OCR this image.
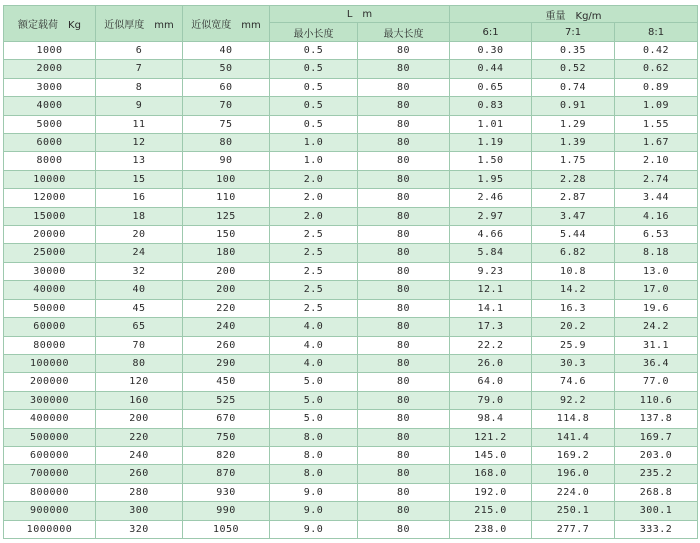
额定载荷 Kg	近似厚度 mm	近似宽度 mm	L m		重量 Kg/m		
			最小长度	最大长度	6:1	7:1	8:1
1000	6	40	0.5	80	0.30	0.35	0.42
2000	7	50	0.5	80	0.44	0.52	0.62
3000	8	60	0.5	80	0.65	0.74	0.89
4000	9	70	0.5	80	0.83	0.91	1.09
5000	11	75	0.5	80	1.01	1.29	1.55
6000	12	80	1.0	80	1.19	1.39	1.67
8000	13	90	1.0	80	1.50	1.75	2.10
10000	15	100	2.0	80	1.95	2.28	2.74
12000	16	110	2.0	80	2.46	2.87	3.44
15000	18	125	2.0	80	2.97	3.47	4.16
20000	20	150	2.5	80	4.66	5.44	6.53
25000	24	180	2.5	80	5.84	6.82	8.18
30000	32	200	2.5	80	9.23	10.8	13.0
40000	40	200	2.5	80	12.1	14.2	17.0
50000	45	220	2.5	80	14.1	16.3	19.6
60000	65	240	4.0	80	17.3	20.2	24.2
80000	70	260	4.0	80	22.2	25.9	31.1
100000	80	290	4.0	80	26.0	30.3	36.4
200000	120	450	5.0	80	64.0	74.6	77.0
300000	160	525	5.0	80	79.0	92.2	110.6
400000	200	670	5.0	80	98.4	114.8	137.8
500000	220	750	8.0	80	121.2	141.4	169.7
600000	240	820	8.0	80	145.0	169.2	203.0
700000	260	870	8.0	80	168.0	196.0	235.2
800000	280	930	9.0	80	192.0	224.0	268.8
900000	300	990	9.0	80	215.0	250.1	300.1
1000000	320	1050	9.0	80	238.0	277.7	333.2
